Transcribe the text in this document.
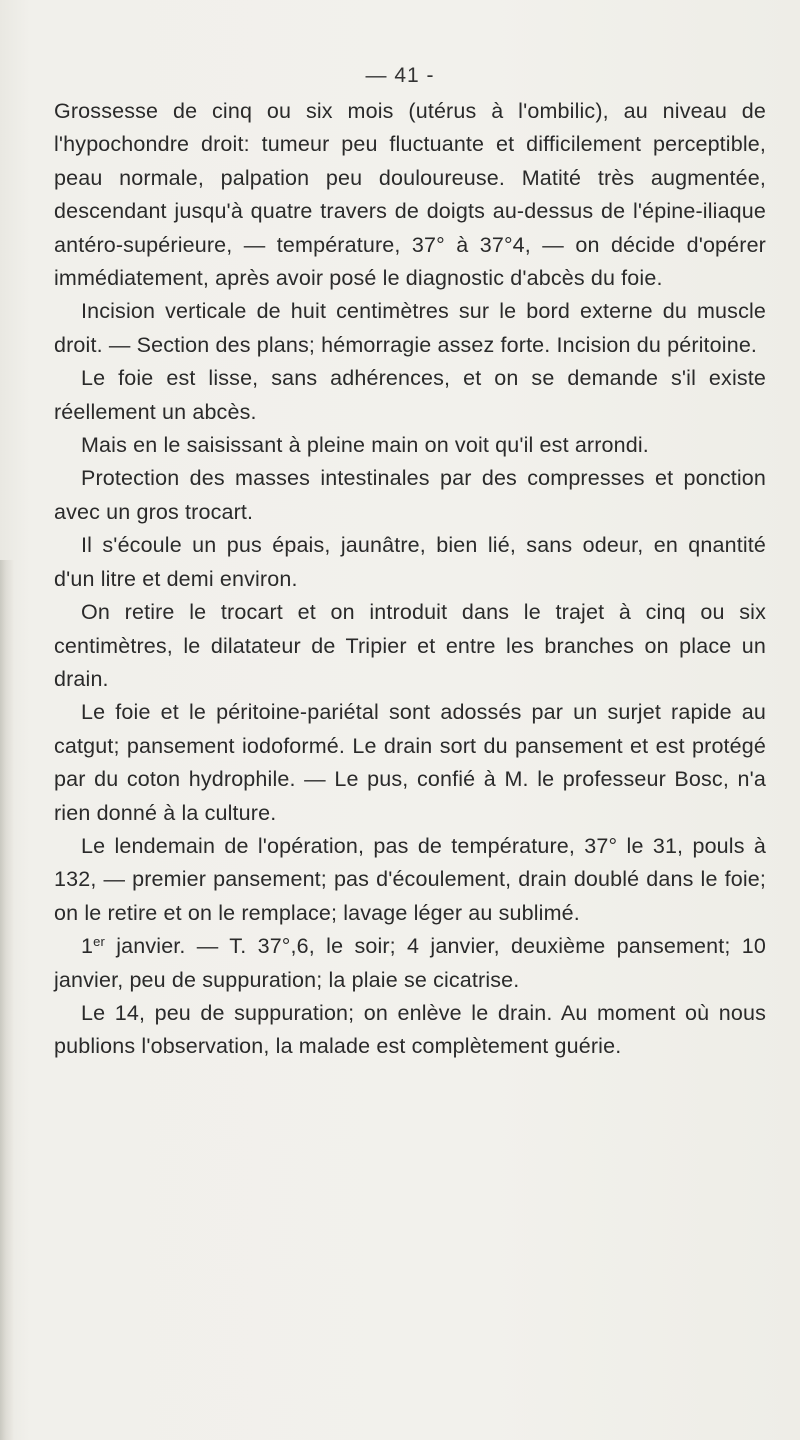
— 41 -

Grossesse de cinq ou six mois (utérus à l'ombilic), au niveau de l'hypochondre droit: tumeur peu fluctuante et difficilement perceptible, peau normale, palpation peu douloureuse. Matité très augmentée, descendant jusqu'à quatre travers de doigts au-dessus de l'épine-iliaque antéro-supérieure, — température, 37° à 37°4, — on décide d'opérer immédiatement, après avoir posé le diagnostic d'abcès du foie.

Incision verticale de huit centimètres sur le bord externe du muscle droit. — Section des plans; hémorragie assez forte. Incision du péritoine.

Le foie est lisse, sans adhérences, et on se demande s'il existe réellement un abcès.

Mais en le saisissant à pleine main on voit qu'il est arrondi.

Protection des masses intestinales par des compresses et ponction avec un gros trocart.

Il s'écoule un pus épais, jaunâtre, bien lié, sans odeur, en qnantité d'un litre et demi environ.

On retire le trocart et on introduit dans le trajet à cinq ou six centimètres, le dilatateur de Tripier et entre les branches on place un drain.

Le foie et le péritoine-pariétal sont adossés par un surjet rapide au catgut; pansement iodoformé. Le drain sort du pansement et est protégé par du coton hydrophile. — Le pus, confié à M. le professeur Bosc, n'a rien donné à la culture.

Le lendemain de l'opération, pas de température, 37° le 31, pouls à 132, — premier pansement; pas d'écoulement, drain doublé dans le foie; on le retire et on le remplace; lavage léger au sublimé.

1er janvier. — T. 37°,6, le soir; 4 janvier, deuxième pansement; 10 janvier, peu de suppuration; la plaie se cicatrise.

Le 14, peu de suppuration; on enlève le drain. Au moment où nous publions l'observation, la malade est complètement guérie.
